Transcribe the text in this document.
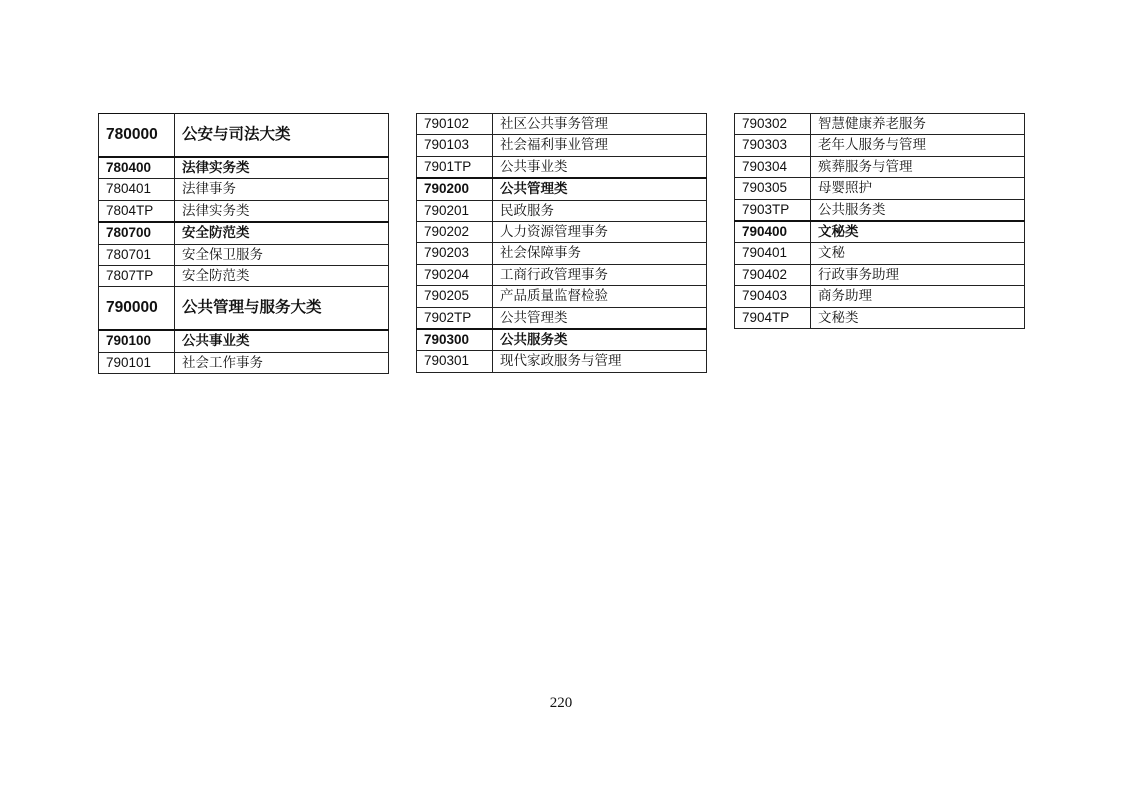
780000	公安与司法大类
780400	法律实务类
780401	法律事务
7804TP	法律实务类
780700	安全防范类
780701	安全保卫服务
7807TP	安全防范类
790000	公共管理与服务大类
790100	公共事业类
790101	社会工作事务
790102	社区公共事务管理
790103	社会福利事业管理
7901TP	公共事业类
790200	公共管理类
790201	民政服务
790202	人力资源管理事务
790203	社会保障事务
790204	工商行政管理事务
790205	产品质量监督检验
7902TP	公共管理类
790300	公共服务类
790301	现代家政服务与管理
790302	智慧健康养老服务
790303	老年人服务与管理
790304	殡葬服务与管理
790305	母婴照护
7903TP	公共服务类
790400	文秘类
790401	文秘
790402	行政事务助理
790403	商务助理
7904TP	文秘类
220
